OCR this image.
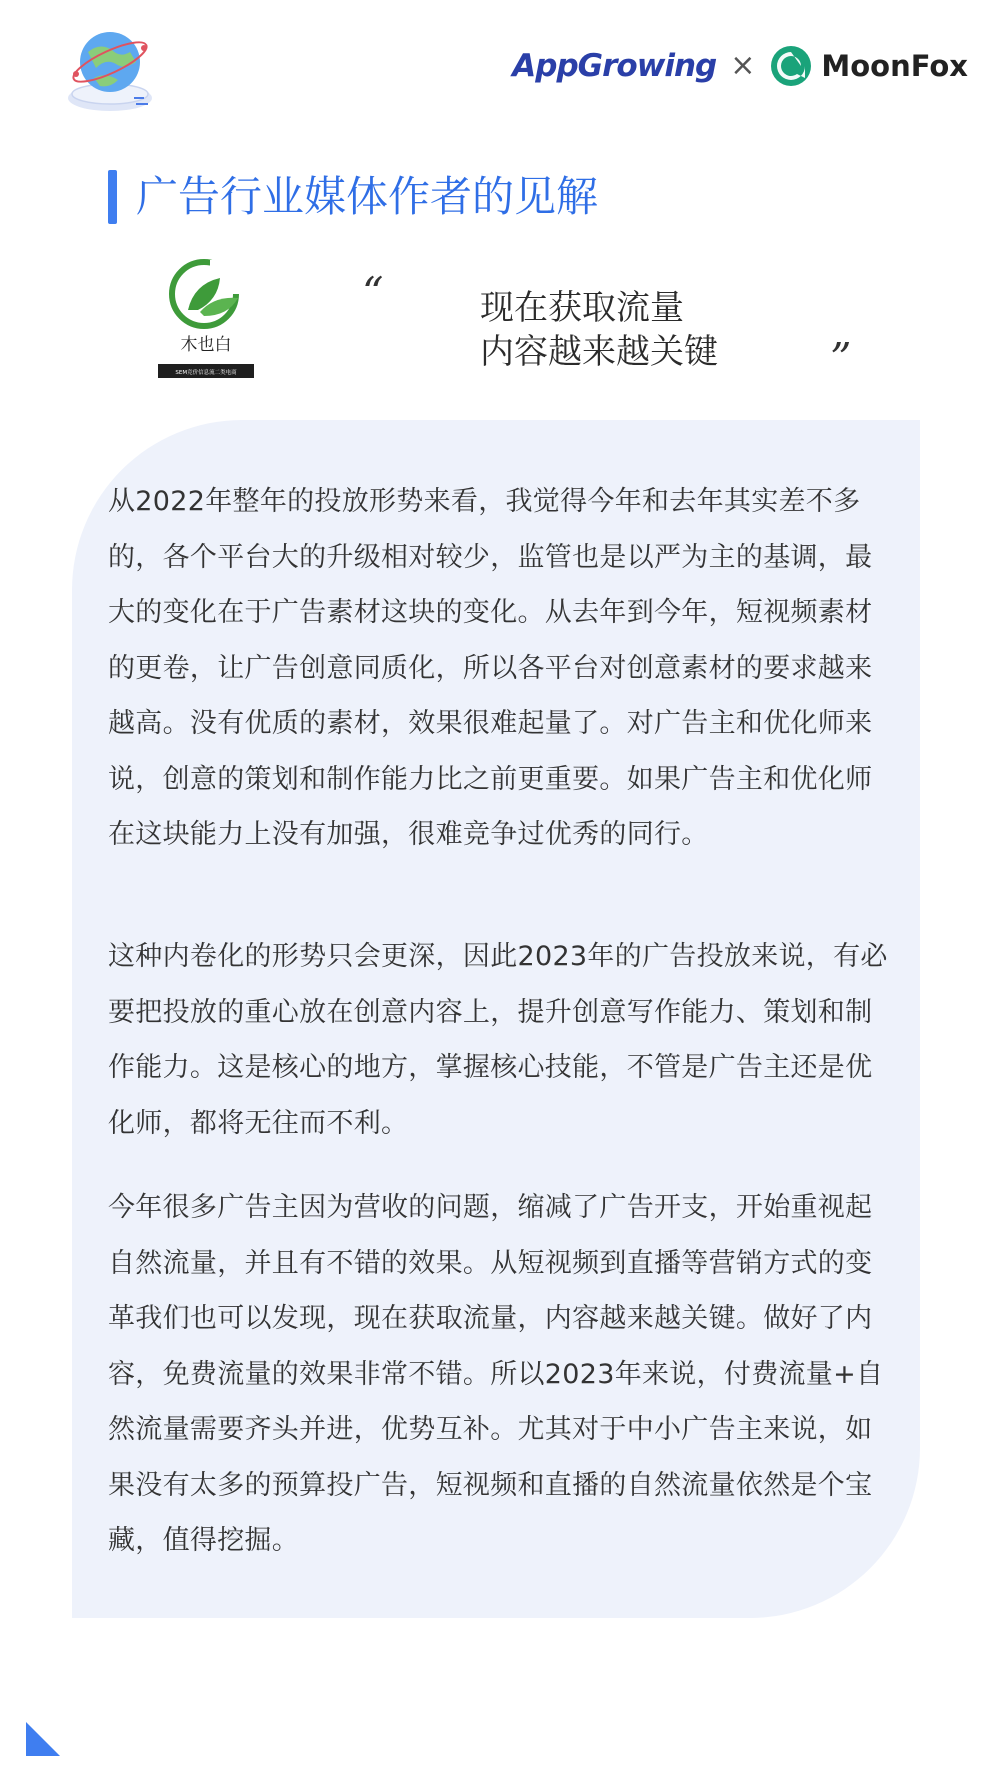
AppGrowing × MoonFox
广告行业媒体作者的见解
木也白
SEM竞价信息流二类电商
“	现在获取流量
内容越来越关键	”

从2022年整年的投放形势来看，我觉得今年和去年其实差不多的，各个平台大的升级相对较少，监管也是以严为主的基调，最大的变化在于广告素材这块的变化。从去年到今年，短视频素材的更卷，让广告创意同质化，所以各平台对创意素材的要求越来越高。没有优质的素材，效果很难起量了。对广告主和优化师来说，创意的策划和制作能力比之前更重要。如果广告主和优化师在这块能力上没有加强，很难竞争过优秀的同行。

这种内卷化的形势只会更深，因此2023年的广告投放来说，有必要把投放的重心放在创意内容上，提升创意写作能力、策划和制作能力。这是核心的地方，掌握核心技能，不管是广告主还是优化师，都将无往而不利。

今年很多广告主因为营收的问题，缩减了广告开支，开始重视起自然流量，并且有不错的效果。从短视频到直播等营销方式的变革我们也可以发现，现在获取流量，内容越来越关键。做好了内容，免费流量的效果非常不错。所以2023年来说，付费流量+自然流量需要齐头并进，优势互补。尤其对于中小广告主来说，如果没有太多的预算投广告，短视频和直播的自然流量依然是个宝藏，值得挖掘。
